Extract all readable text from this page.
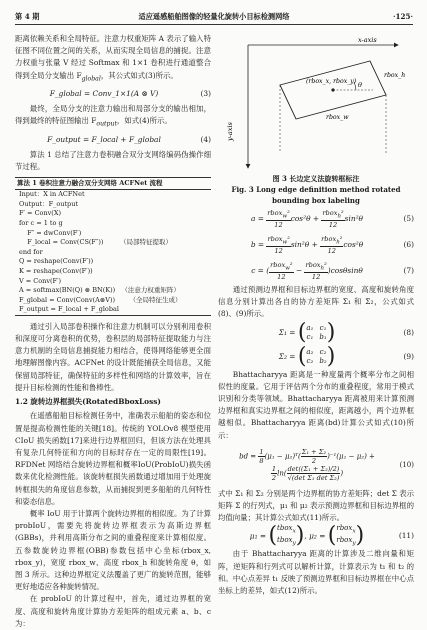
第 4 期	适应遥感船舶图像的轻量化旋转小目标检测网络	·125·

距离依赖关系和全局特征。注意力权重矩阵 A 表示了输入特征图不同位置之间的关系，从而实现全局信息的捕捉。注意力权重与张量 V 经过 Softmax 和 1×1 卷积进行通道整合得到全局分支输出 $F_{global}$，其公式如式(3)所示。

F_global = Conv_1×1(A ⊗ V)	(3)

最终，全局分支的注意力输出和局部分支的输出相加，得到最终的特征图输出 $F_{output}$，如式(4)所示。

F_output = F_local + F_global	(4)

算法 1 总结了注意力卷积融合双分支网络编码伪操作细节过程。

算法 1 卷积注意力融合双分支网络 ACFNet 流程
Input：X in ACFNet
Output：F_output
F′ = Conv(X)
for c = 1 to g
F″ = dwConv(F′)
F_local = Conv(CS(F″))        （局部特征提取）
end for
Q = reshape(Conv(F′))
K = reshape(Conv(F′))
V = Conv(F′)
A = softmax(BN(Q) ⊗ BN(K))   （注意力权重矩阵）
F_global = Conv(Conv(A⊗V))       （全局特征生成）
F_output = F_local + F_global

通过引入局部卷积操作和注意力机制可以分别利用卷积和深度可分离卷积的优势，卷积层的局部特征提取能力与注意力机制的全局信息捕捉能力相结合，使得网络能够更全面地理解图像内容。ACFNet 的设计既能捕获全局信息，又能保留局部特征，确保特征的多样性和网络的计算效率，旨在提升目标检测的性能和鲁棒性。

1.2 旋转边界框损失(RotatedBboxLoss)

在遥感船舶目标检测任务中，准确表示船舶的姿态和位置是提高检测性能的关键[18]。传统的 YOLOv8 模型使用 CIoU 损失函数[17]来进行边界框回归，但该方法在处理具有复杂几何特征和方向的目标时存在一定的局限性[19]。RFDNet 网络结合旋转边界框和概率IoU(ProbIoU)损失函数来优化检测性能。该旋转框损失函数通过增加用于处理旋转框损失的角度信息参数，从而捕捉到更多船舶的几何特性和姿态信息。

概率 IoU 用于计算两个旋转边界框的相似度。为了计算 probIoU，需要先将旋转边界框表示为高斯边界框(GBBs)，并利用高斯分布之间的重叠程度来计算相似度。五参数旋转边界框(OBB)参数包括中心坐标(rbox_x, rbox_y)，宽度 rbox_w、高度 rbox_h 和旋转角度 θ，如图 3 所示。这种边界框定义法覆盖了更广的旋转范围，能够更好地适应各种旋转情况。

在 probIoU 的计算过程中，首先，通过边界框的宽度、高度和旋转角度计算协方差矩阵的组成元素 a、b、c 为：

x-axis
y-axis
(rbox_x, rbox_y)
rbox_w
rbox_h
θ
图 3 长边定义法旋转框标注
Fig. 3 Long edge definition method rotated
bounding box labeling
$a = \frac{rbox_w^2}{12} \cos^2\theta + \frac{rbox_h^2}{12} \sin^2\theta$	(5)
$b = \frac{rbox_w^2}{12} \sin^2\theta + \frac{rbox_h^2}{12} \cos^2\theta$	(6)
c = ( $\frac{rbox_w^2}{12} - \frac{rbox_h^2}{12} )\cos\theta\sin\theta$	(7)

通过预测边界框和目标边界框的宽度、高度和旋转角度信息分别计算出各自的协方差矩阵 Σ₁ 和 Σ₂，公式如式(8)、(9)所示。

Σ₁ = ( a₁ c₁
c₁ b₁ )	(8)
Σ₂ = ( a₂ c₂
c₂ b₂ )	(9)

Bhattacharyya 距离是一种度量两个概率分布之间相似性的度量。它用于评估两个分布的重叠程度，常用于模式识别和分类等领域。Bhattacharyya 距离被用来计算预测边界框和真实边界框之间的相似度，距离越小，两个边界框越相似。Bhattacharyya 距离(bd)计算公式如式(10)所示：

bd = $\frac{1}{8} (\mu_1$ − μ₂)ᵀ( $\frac{\text{Σ₁ + Σ₂}}{2} )^{-1}(\mu_1 - \mu_2)$ +

$\frac{1}{2} \ln( \frac{\text{det((Σ₁ + Σ₂)/2)}}{\text{√(det Σ₁ det Σ₂)}}$ )
(10)

式中 Σ₁ 和 Σ₂ 分别是两个边界框的协方差矩阵；det Σ 表示矩阵 Σ 的行列式，μ₁ 和 μ₂ 表示预测边界框和目标边界框的均值向量；其计算公式如式(11)所示。

μ₁ = ( tbox$_x$
tbox$_y$ ) , μ₂ = ( rbox$_x$
rbox$_y$ )	(11)

由于 Bhattacharyya 距离的计算涉及二维向量和矩阵，逆矩阵和行列式可以解析计算，计算表示为 t₁ 和 t₂ 的和。中心点差异 t₁ 反映了预测边界框和目标边界框在中心点坐标上的差异，如式(12)所示。
